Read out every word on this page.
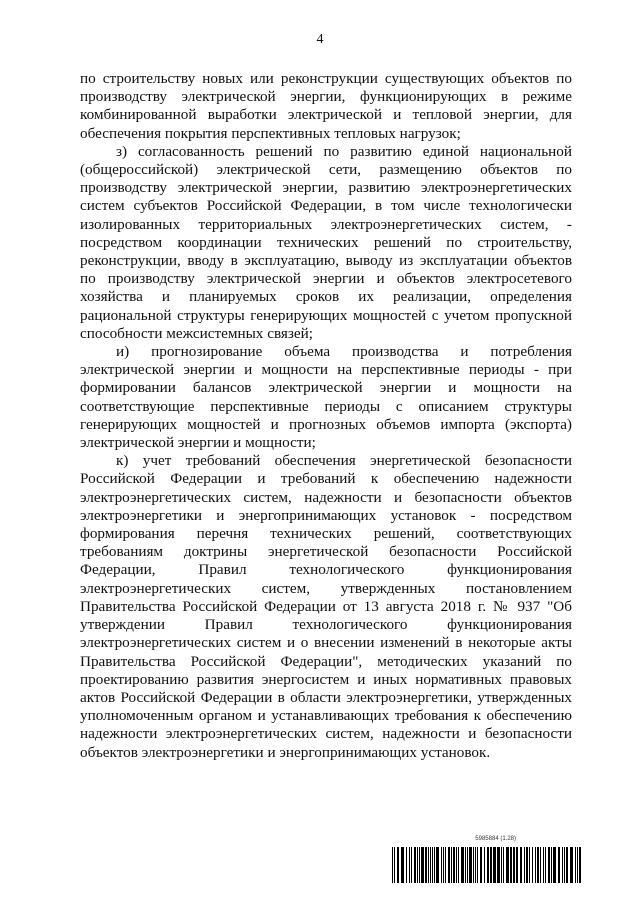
4

по строительству новых или реконструкции существующих объектов по производству электрической энергии, функционирующих в режиме комбинированной выработки электрической и тепловой энергии, для обеспечения покрытия перспективных тепловых нагрузок;

з) согласованность решений по развитию единой национальной (общероссийской) электрической сети, размещению объектов по производству электрической энергии, развитию электроэнергетических систем субъектов Российской Федерации, в том числе технологически изолированных территориальных электроэнергетических систем, - посредством координации технических решений по строительству, реконструкции, вводу в эксплуатацию, выводу из эксплуатации объектов по производству электрической энергии и объектов электросетевого хозяйства и планируемых сроков их реализации, определения рациональной структуры генерирующих мощностей с учетом пропускной способности межсистемных связей;

и) прогнозирование объема производства и потребления электрической энергии и мощности на перспективные периоды - при формировании балансов электрической энергии и мощности на соответствующие перспективные периоды с описанием структуры генерирующих мощностей и прогнозных объемов импорта (экспорта) электрической энергии и мощности;

к) учет требований обеспечения энергетической безопасности Российской Федерации и требований к обеспечению надежности электроэнергетических систем, надежности и безопасности объектов электроэнергетики и энергопринимающих установок - посредством формирования перечня технических решений, соответствующих требованиям доктрины энергетической безопасности Российской Федерации, Правил технологического функционирования электроэнергетических систем, утвержденных постановлением Правительства Российской Федерации от 13 августа 2018 г. № 937 "Об утверждении Правил технологического функционирования электроэнергетических систем и о внесении изменений в некоторые акты Правительства Российской Федерации", методических указаний по проектированию развития энергосистем и иных нормативных правовых актов Российской Федерации в области электроэнергетики, утвержденных уполномоченным органом и устанавливающих требования к обеспечению надежности электроэнергетических систем, надежности и безопасности объектов электроэнергетики и энергопринимающих установок.

5985884 (1.28)
